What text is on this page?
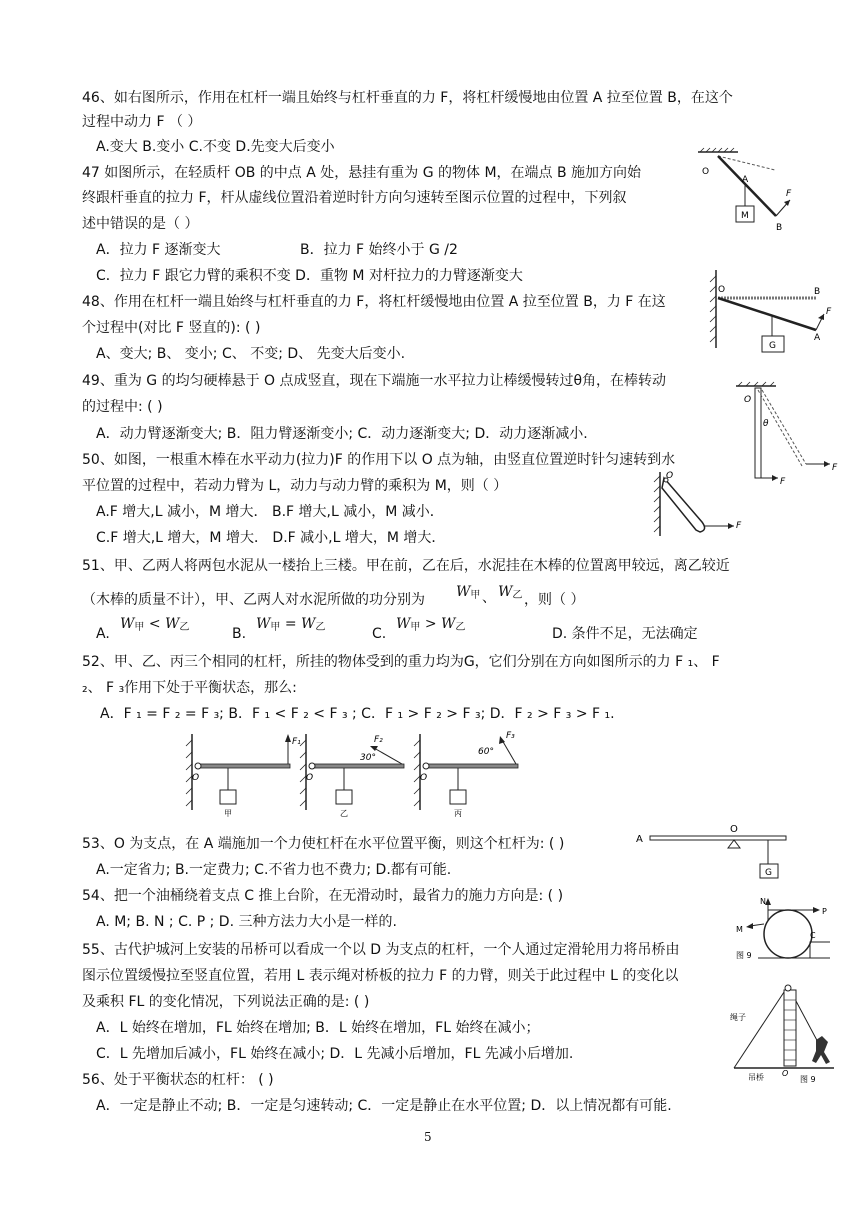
46、如右图所示，作用在杠杆一端且始终与杠杆垂直的力 F，将杠杆缓慢地由位置 A 拉至位置 B，在这个
过程中动力 F （ ）
A.变大 B.变小 C.不变 D.先变大后变小
47 如图所示，在轻质杆 OB 的中点 A 处，悬挂有重为 G 的物体 M，在端点 B 施加方向始
终跟杆垂直的拉力 F，杆从虚线位置沿着逆时针方向匀速转至图示位置的过程中，下列叙
述中错误的是（ ）
A．拉力 F 逐渐变大	B．拉力 F 始终小于 G /2
C．拉力 F 跟它力臂的乘积不变 D．重物 M 对杆拉力的力臂逐渐变大
O
A
M
B
F
48、作用在杠杆一端且始终与杠杆垂直的力 F，将杠杆缓慢地由位置 A 拉至位置 B，力 F 在这
个过程中(对比 F 竖直的): ( )
A、变大; B、 变小; C、 不变; D、 先变大后变小.
O	B
F
G
A
49、重为 G 的均匀硬棒悬于 O 点成竖直，现在下端施一水平拉力让棒缓慢转过θ角，在棒转动
的过程中: ( )
A．动力臂逐渐变大; B．阻力臂逐渐变小; C．动力逐渐变大; D．动力逐渐减小.
O
θ
F
F
50、如图，一根重木棒在水平动力(拉力)F 的作用下以 O 点为轴，由竖直位置逆时针匀速转到水
平位置的过程中，若动力臂为 L，动力与动力臂的乘积为 M，则（ ）
A.F 增大,L 减小，M 增大． B.F 增大,L 减小，M 减小．
C.F 增大,L 增大，M 增大． D.F 减小,L 增大，M 增大．
O
F
51、甲、乙两人将两包水泥从一楼抬上三楼。甲在前，乙在后，水泥挂在木棒的位置离甲较远，离乙较近
（木棒的质量不计），甲、乙两人对水泥所做的功分别为 $W_甲$ 、 $W_乙$ ，则（ ）
A.
$W_甲 < W_乙$	B.
$W_甲 = W_乙$	C.
$W_甲 > W_乙$	D. 条件不足，无法确定
52、甲、乙、丙三个相同的杠杆，所挂的物体受到的重力均为G，它们分别在方向如图所示的力 F ₁、 F
₂、 F ₃作用下处于平衡状态，那么:
A．F ₁ = F ₂ = F ₃; B．F ₁ < F ₂ < F ₃ ; C．F ₁ > F ₂ > F ₃; D．F ₂ > F ₃ > F ₁.
O
F₁
甲
O
F₂
30°
乙
O
F₃
60°
丙
53、O 为支点，在 A 端施加一个力使杠杆在水平位置平衡，则这个杠杆为: ( )
A.一定省力; B.一定费力; C.不省力也不费力; D.都有可能.
A
O
G
54、把一个油桶绕着支点 C 推上台阶，在无滑动时，最省力的施力方向是: ( )
A. M; B. N ; C. P ; D. 三种方法力大小是一样的.
N
P
M
C
图 9
55、古代护城河上安装的吊桥可以看成一个以 D 为支点的杠杆，一个人通过定滑轮用力将吊桥由
图示位置缓慢拉至竖直位置，若用 L 表示绳对桥板的拉力 F 的力臂，则关于此过程中 L 的变化以
及乘积 FL 的变化情况，下列说法正确的是: ( )
A．L 始终在增加，FL 始终在增加; B．L 始终在增加，FL 始终在减小；
C．L 先增加后减小，FL 始终在减小; D．L 先减小后增加，FL 先减小后增加.
绳子
吊桥 O
图 9
56、处于平衡状态的杠杆： ( )
A．一定是静止不动; B．一定是匀速转动; C．一定是静止在水平位置; D．以上情况都有可能.
5
